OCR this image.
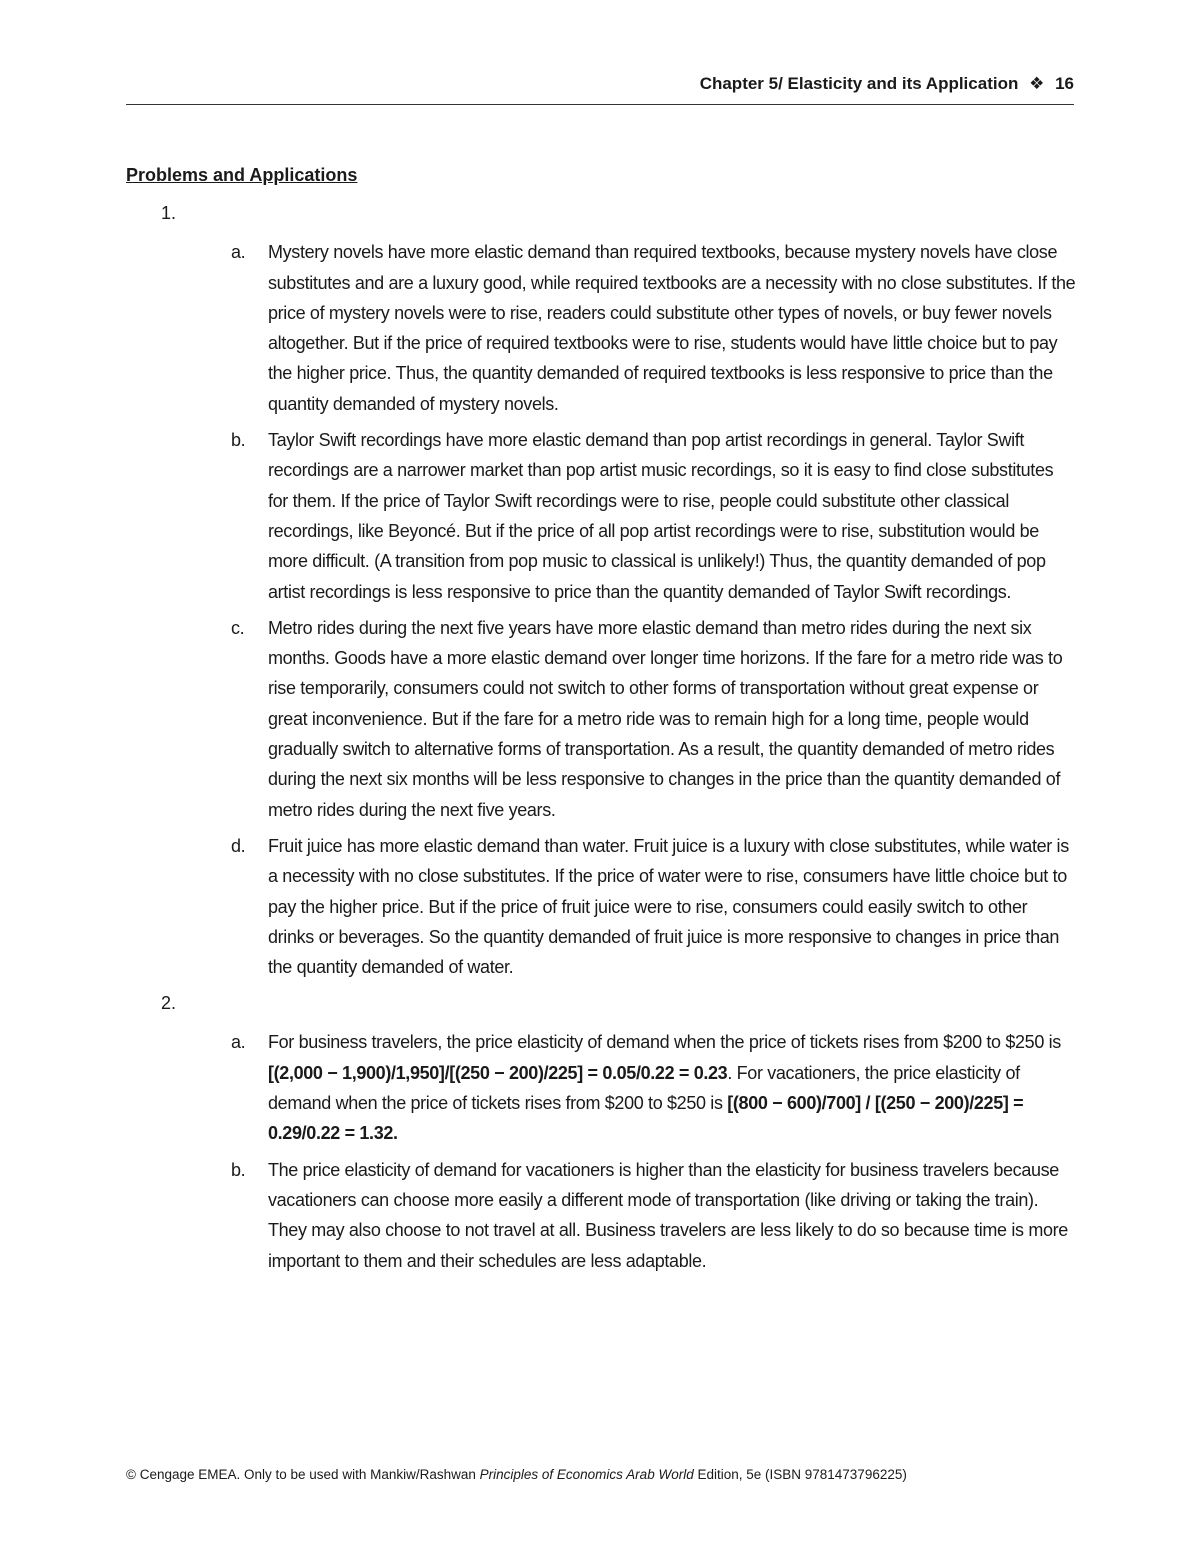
Chapter 5/ Elasticity and its Application ❖ 16
Problems and Applications
1.
a. Mystery novels have more elastic demand than required textbooks, because mystery novels have close substitutes and are a luxury good, while required textbooks are a necessity with no close substitutes. If the price of mystery novels were to rise, readers could substitute other types of novels, or buy fewer novels altogether. But if the price of required textbooks were to rise, students would have little choice but to pay the higher price. Thus, the quantity demanded of required textbooks is less responsive to price than the quantity demanded of mystery novels.
b. Taylor Swift recordings have more elastic demand than pop artist recordings in general. Taylor Swift recordings are a narrower market than pop artist music recordings, so it is easy to find close substitutes for them. If the price of Taylor Swift recordings were to rise, people could substitute other classical recordings, like Beyoncé. But if the price of all pop artist recordings were to rise, substitution would be more difficult. (A transition from pop music to classical is unlikely!) Thus, the quantity demanded of pop artist recordings is less responsive to price than the quantity demanded of Taylor Swift recordings.
c. Metro rides during the next five years have more elastic demand than metro rides during the next six months. Goods have a more elastic demand over longer time horizons. If the fare for a metro ride was to rise temporarily, consumers could not switch to other forms of transportation without great expense or great inconvenience. But if the fare for a metro ride was to remain high for a long time, people would gradually switch to alternative forms of transportation. As a result, the quantity demanded of metro rides during the next six months will be less responsive to changes in the price than the quantity demanded of metro rides during the next five years.
d. Fruit juice has more elastic demand than water. Fruit juice is a luxury with close substitutes, while water is a necessity with no close substitutes. If the price of water were to rise, consumers have little choice but to pay the higher price. But if the price of fruit juice were to rise, consumers could easily switch to other drinks or beverages. So the quantity demanded of fruit juice is more responsive to changes in price than the quantity demanded of water.
2.
a. For business travelers, the price elasticity of demand when the price of tickets rises from $200 to $250 is [(2,000 − 1,900)/1,950]/[(250 − 200)/225] = 0.05/0.22 = 0.23. For vacationers, the price elasticity of demand when the price of tickets rises from $200 to $250 is [(800 − 600)/700] / [(250 − 200)/225] = 0.29/0.22 = 1.32.
b. The price elasticity of demand for vacationers is higher than the elasticity for business travelers because vacationers can choose more easily a different mode of transportation (like driving or taking the train). They may also choose to not travel at all. Business travelers are less likely to do so because time is more important to them and their schedules are less adaptable.
© Cengage EMEA. Only to be used with Mankiw/Rashwan Principles of Economics Arab World Edition, 5e (ISBN 9781473796225)
